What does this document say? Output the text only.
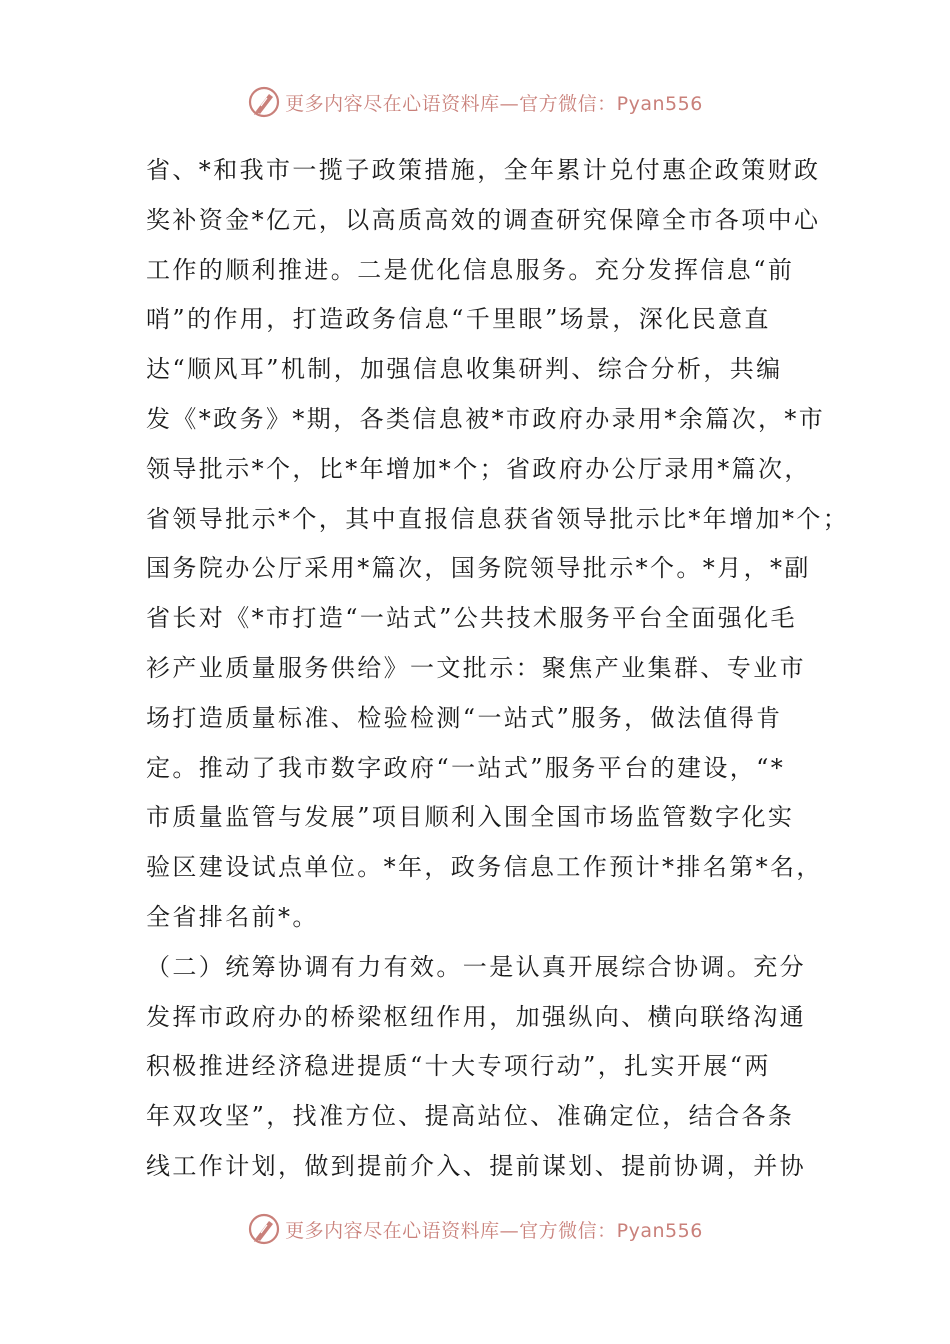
更多内容尽在心语资料库—官方微信：Pyan556
省、*和我市一揽子政策措施，全年累计兑付惠企政策财政
奖补资金*亿元，以高质高效的调查研究保障全市各项中心
工作的顺利推进。二是优化信息服务。充分发挥信息“前
哨”的作用，打造政务信息“千里眼”场景，深化民意直
达“顺风耳”机制，加强信息收集研判、综合分析，共编
发《*政务》*期，各类信息被*市政府办录用*余篇次，*市
领导批示*个，比*年增加*个；省政府办公厅录用*篇次，
省领导批示*个，其中直报信息获省领导批示比*年增加*个；
国务院办公厅采用*篇次，国务院领导批示*个。*月，*副
省长对《*市打造“一站式”公共技术服务平台全面强化毛
衫产业质量服务供给》一文批示：聚焦产业集群、专业市
场打造质量标准、检验检测“一站式”服务，做法值得肯
定。推动了我市数字政府“一站式”服务平台的建设，“*
市质量监管与发展”项目顺利入围全国市场监管数字化实
验区建设试点单位。*年，政务信息工作预计*排名第*名，
全省排名前*。
（二）统筹协调有力有效。一是认真开展综合协调。充分
发挥市政府办的桥梁枢纽作用，加强纵向、横向联络沟通
积极推进经济稳进提质“十大专项行动”，扎实开展“两
年双攻坚”，找准方位、提高站位、准确定位，结合各条
线工作计划，做到提前介入、提前谋划、提前协调，并协
更多内容尽在心语资料库—官方微信：Pyan556
